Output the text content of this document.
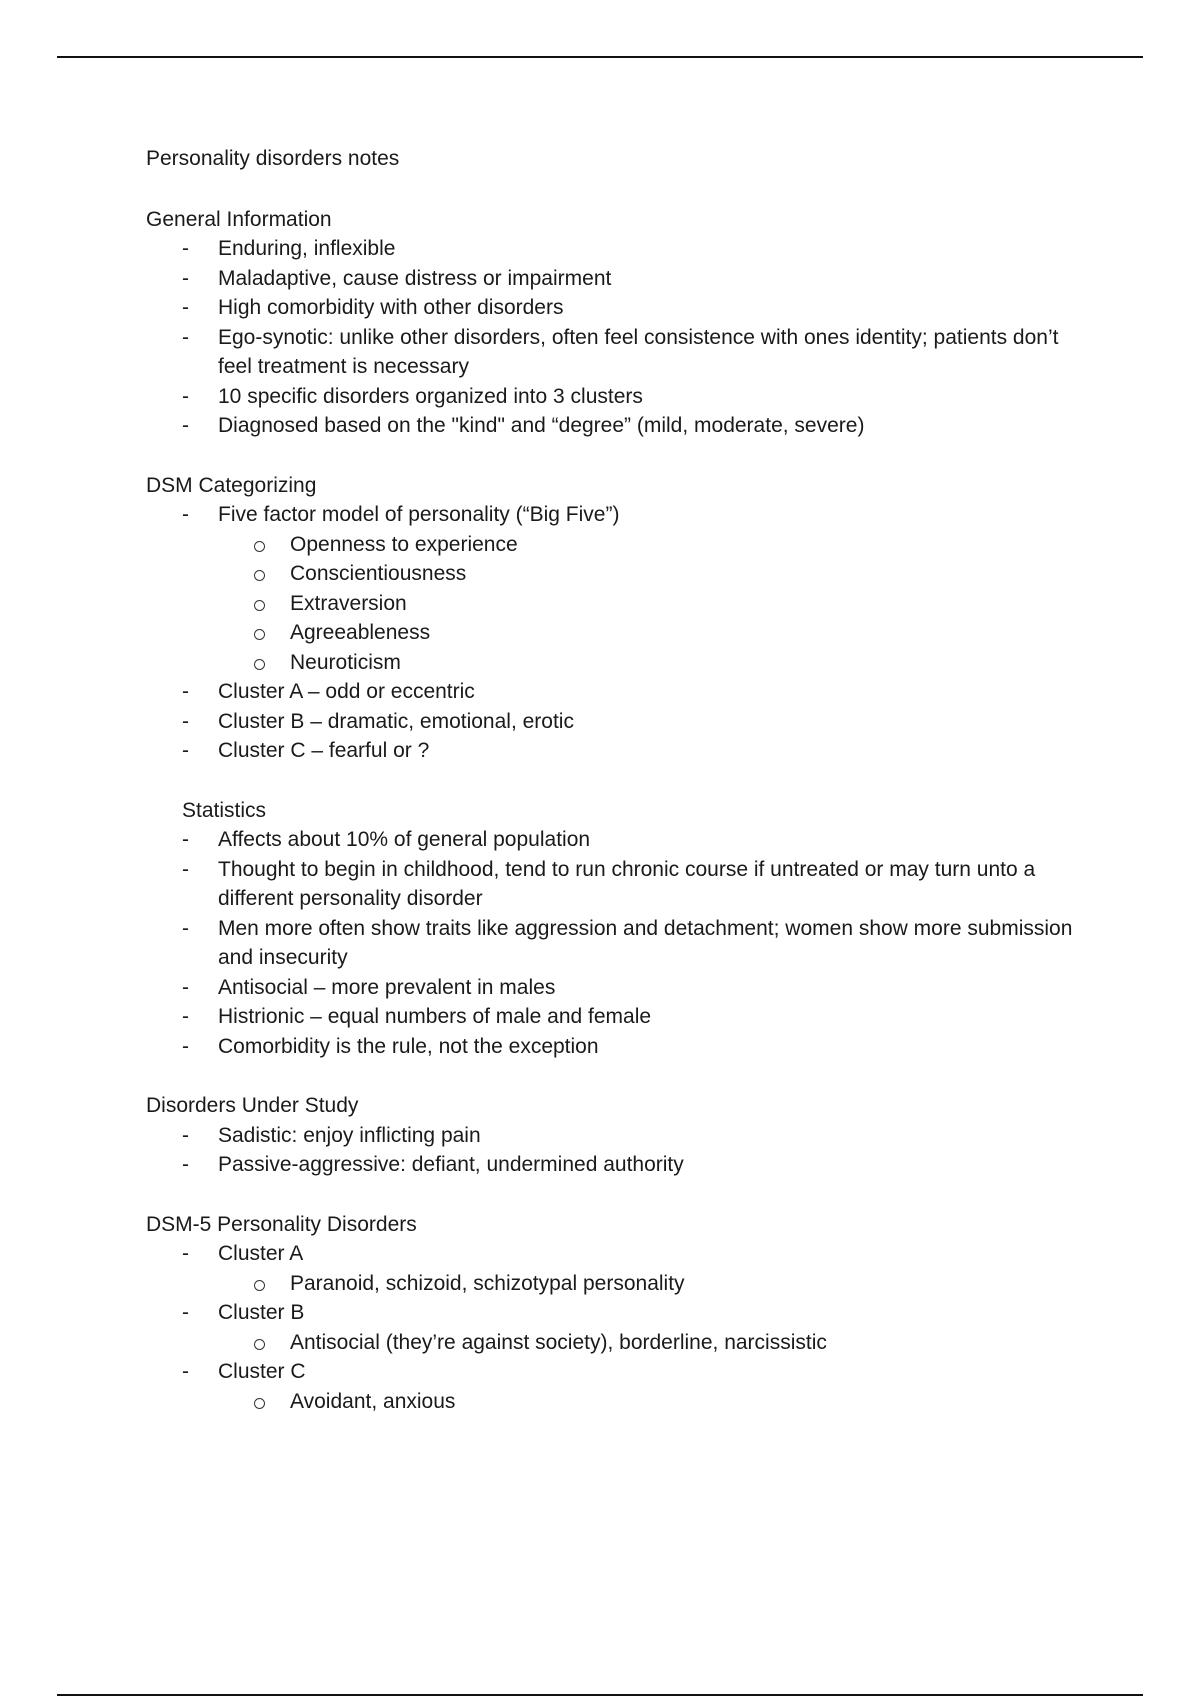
Personality disorders notes
General Information
-	Enduring, inflexible
-	Maladaptive, cause distress or impairment
-	High comorbidity with other disorders
-	Ego-synotic: unlike other disorders, often feel consistence with ones identity; patients don’t feel treatment is necessary
-	10 specific disorders organized into 3 clusters
-	Diagnosed based on the "kind" and “degree” (mild, moderate, severe)
DSM Categorizing
-	Five factor model of personality (“Big Five”)
Openness to experience
Conscientiousness
Extraversion
Agreeableness
Neuroticism
-	Cluster A – odd or eccentric
-	Cluster B – dramatic, emotional, erotic
-	Cluster C – fearful or ?
Statistics
-	Affects about 10% of general population
-	Thought to begin in childhood, tend to run chronic course if untreated or may turn unto a different personality disorder
-	Men more often show traits like aggression and detachment; women show more submission and insecurity
-	Antisocial – more prevalent in males
-	Histrionic – equal numbers of male and female
-	Comorbidity is the rule, not the exception
Disorders Under Study
-	Sadistic: enjoy inflicting pain
-	Passive-aggressive: defiant, undermined authority
DSM-5 Personality Disorders
-	Cluster A
Paranoid, schizoid, schizotypal personality
-	Cluster B
Antisocial (they’re against society), borderline, narcissistic
-	Cluster C
Avoidant, anxious
